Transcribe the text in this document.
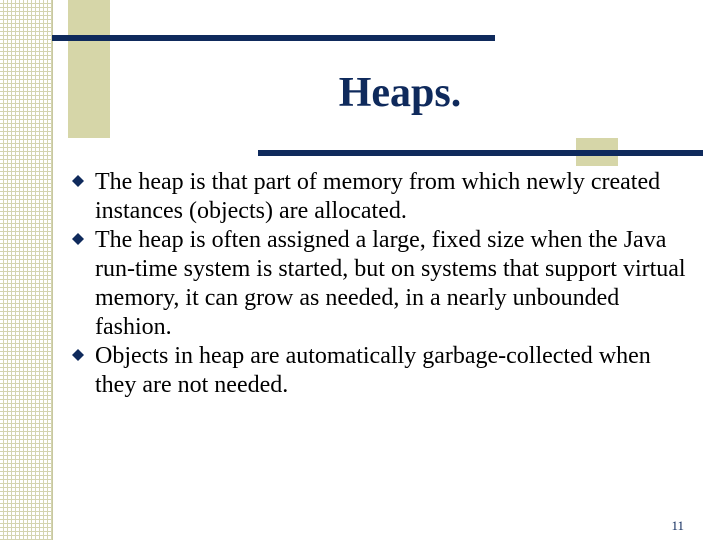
Heaps.
The heap is that part of memory from which newly created instances (objects) are allocated.
The heap is often assigned a large, fixed size when the Java run-time system is started, but on systems that support virtual memory, it can grow as needed, in a nearly unbounded fashion.
Objects in heap are automatically garbage-collected when they are not needed.
11
